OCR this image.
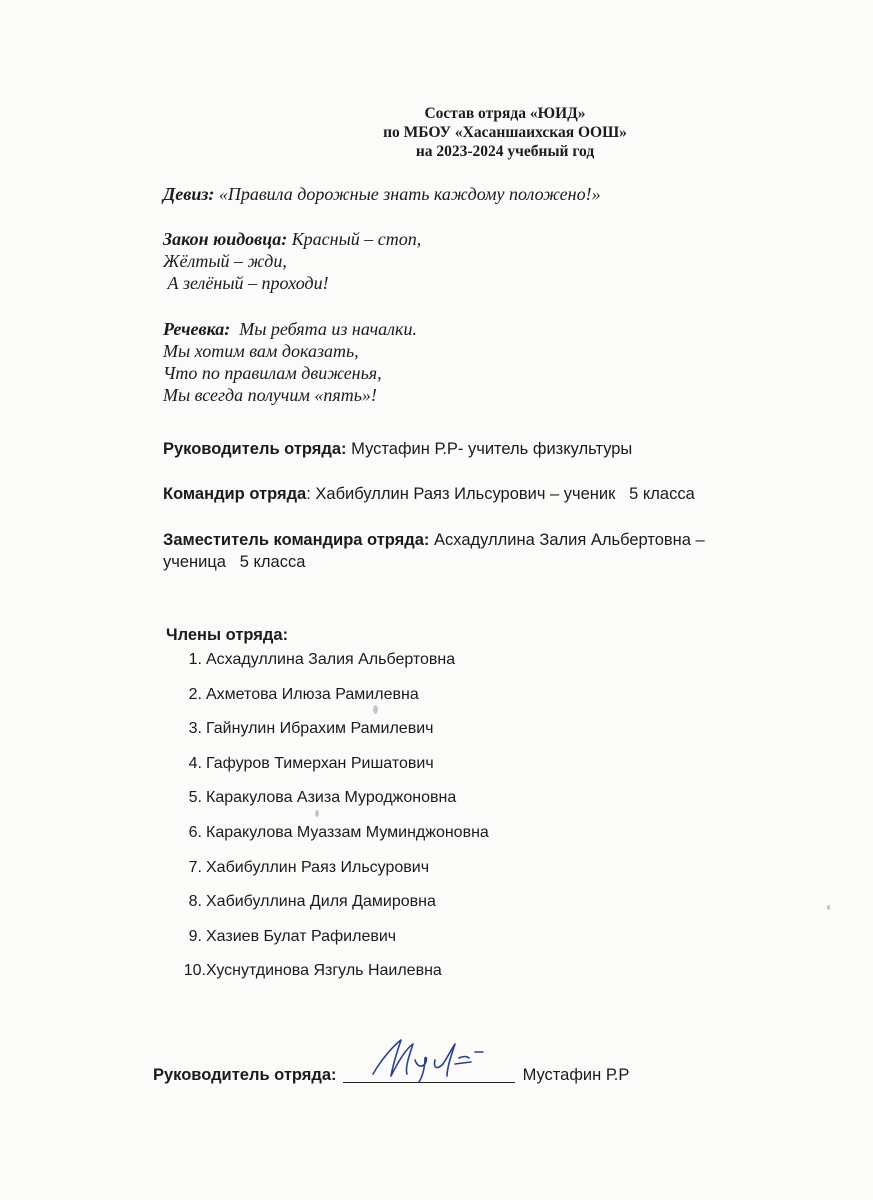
Состав отряда «ЮИД»
по МБОУ «Хасаншаихская ООШ»
на 2023-2024 учебный год
Девиз: «Правила дорожные знать каждому положено!»
Закон юидовца: Красный – стоп,
Жёлтый – жди,
А зелёный – проходи!
Речевка: Мы ребята из началки.
Мы хотим вам доказать,
Что по правилам движенья,
Мы всегда получим «пять»!
Руководитель отряда: Мустафин Р.Р- учитель физкультуры
Командир отряда: Хабибуллин Раяз Ильсурович – ученик   5 класса
Заместитель командира отряда: Асхадуллина Залия Альбертовна –
ученица   5 класса
Члены отряда:
1. Асхадуллина Залия Альбертовна
2. Ахметова Илюза Рамилевна
3. Гайнулин Ибрахим Рамилевич
4. Гафуров Тимерхан Ришатович
5. Каракулова Азиза Муроджоновна
6. Каракулова Муаззам Муминджоновна
7. Хабибуллин Раяз Ильсурович
8. Хабибуллина Диля Дамировна
9. Хазиев Булат Рафилевич
10. Хуснутдинова Язгуль Наилевна
Руководитель отряда:	Мустафин Р.Р
